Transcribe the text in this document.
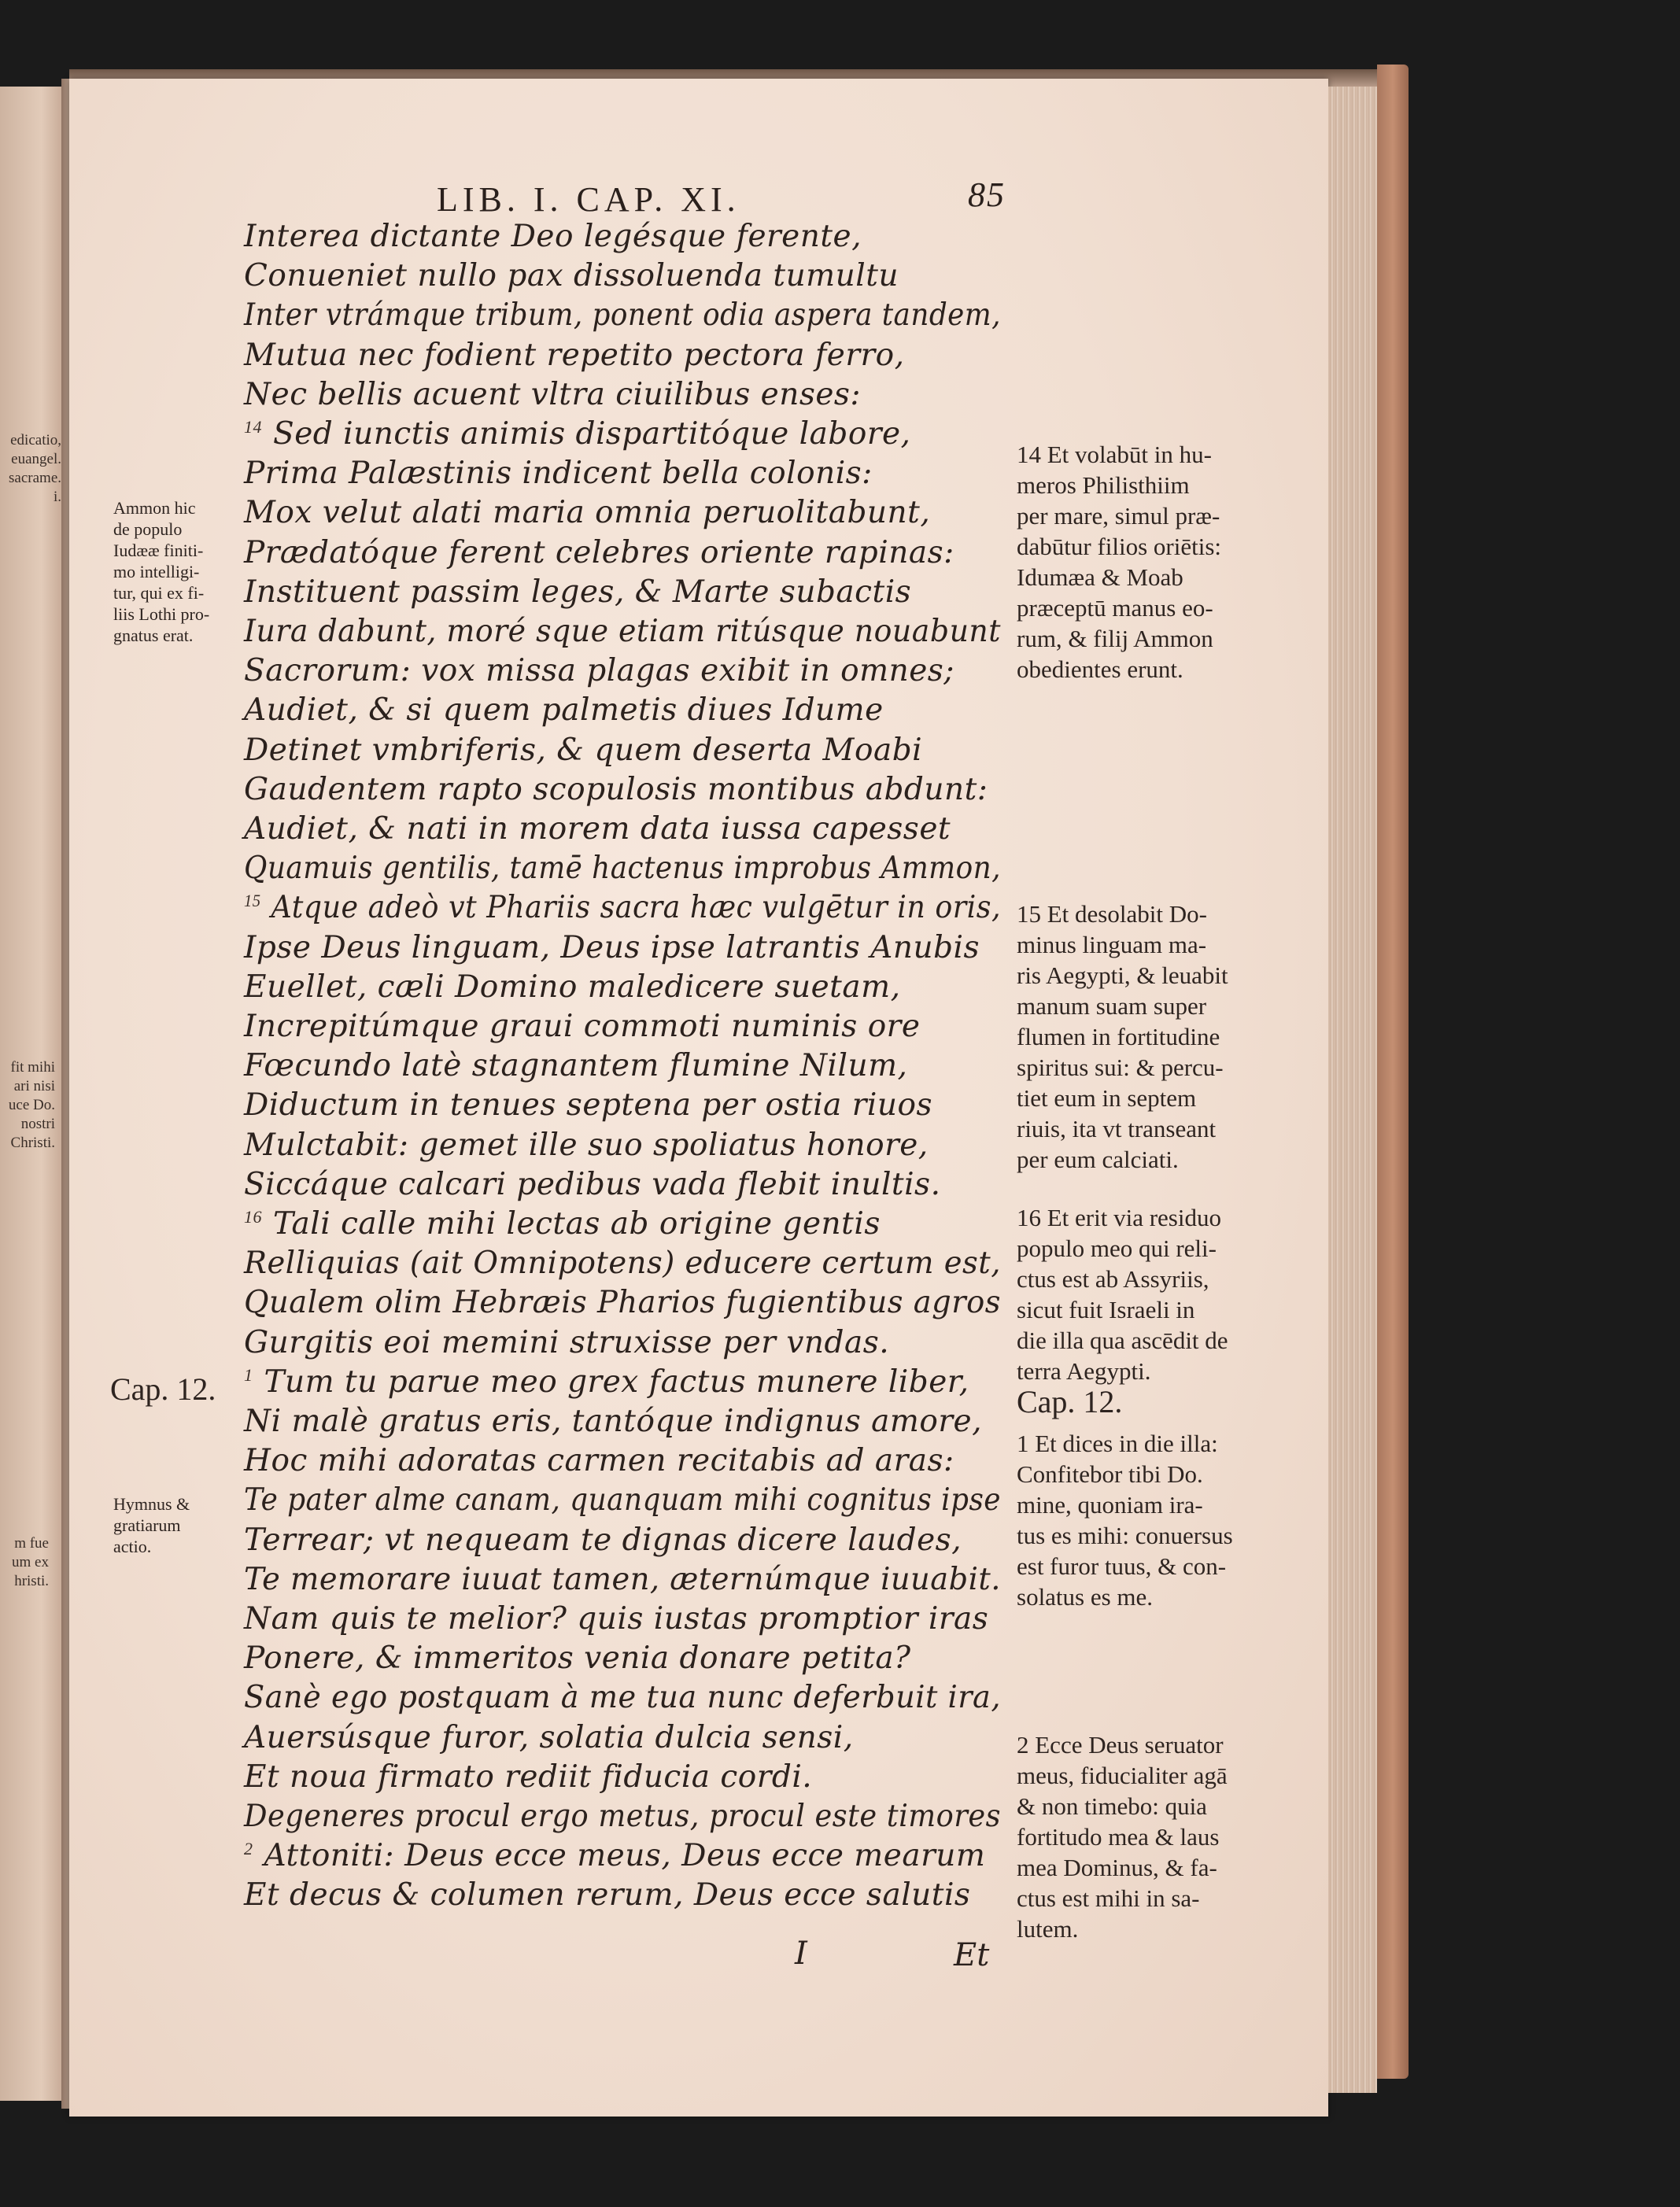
edicatio,
euangel.
sacrame.
i.
fit mihi
ari nisi
uce Do.
nostri
Christi.
m fue
um ex
hristi.
LIB. I. CAP. XI.	85
Interea dictante Deo legésque ferente,
Conueniet nullo pax dissoluenda tumultu
Inter vtrámque tribum, ponent odia aspera tandem,
Mutua nec fodient repetito pectora ferro,
Nec bellis acuent vltra ciuilibus enses:
$^{14}$ Sed iunctis animis dispartitóque labore,
Prima Palæstinis indicent bella colonis:
Mox velut alati maria omnia peruolitabunt,
Prædatóque ferent celebres oriente rapinas:
Instituent passim leges, & Marte subactis
Iura dabunt, moré sque etiam ritúsque nouabunt
Sacrorum: vox missa plagas exibit in omnes;
Audiet, & si quem palmetis diues Idume
Detinet vmbriferis, & quem deserta Moabi
Gaudentem rapto scopulosis montibus abdunt:
Audiet, & nati in morem data iussa capesset
Quamuis gentilis, tamē hactenus improbus Ammon,
$^{15}$ Atque adeò vt Phariis sacra hæc vulgētur in oris,
Ipse Deus linguam, Deus ipse latrantis Anubis
Euellet, cæli Domino maledicere suetam,
Increpitúmque graui commoti numinis ore
Fœcundo latè stagnantem flumine Nilum,
Diductum in tenues septena per ostia riuos
Mulctabit: gemet ille suo spoliatus honore,
Siccáque calcari pedibus vada flebit inultis.
$^{16}$ Tali calle mihi lectas ab origine gentis
Relliquias (ait Omnipotens) educere certum est,
Qualem olim Hebræis Pharios fugientibus agros
Gurgitis eoi memini struxisse per vndas.
$^1$ Tum tu parue meo grex factus munere liber,
Ni malè gratus eris, tantóque indignus amore,
Hoc mihi adoratas carmen recitabis ad aras:
Te pater alme canam, quanquam mihi cognitus ipse
Terrear; vt nequeam te dignas dicere laudes,
Te memorare iuuat tamen, æternúmque iuuabit.
Nam quis te melior? quis iustas promptior iras
Ponere, & immeritos venia donare petita?
Sanè ego postquam à me tua nunc deferbuit ira,
Auersúsque furor, solatia dulcia sensi,
Et noua firmato rediit fiducia cordi.
Degeneres procul ergo metus, procul este timores
$^2$ Attoniti: Deus ecce meus, Deus ecce mearum
Et decus & columen rerum, Deus ecce salutis
Ammon hic
de populo
Iudææ finiti-
mo intelligi-
tur, qui ex fi-
liis Lothi pro-
gnatus erat.
Cap. 12.
Hymnus &
gratiarum
actio.
14 Et volabūt in hu-
meros Philisthiim
per mare, simul præ-
dabūtur filios oriētis:
Idumæa & Moab
præceptū manus eo-
rum, & filij Ammon
obedientes erunt.
15 Et desolabit Do-
minus linguam ma-
ris Aegypti, & leuabit
manum suam super
flumen in fortitudine
spiritus sui: & percu-
tiet eum in septem
riuis, ita vt transeant
per eum calciati.
16 Et erit via residuo
populo meo qui reli-
ctus est ab Assyriis,
sicut fuit Israeli in
die illa qua ascēdit de
terra Aegypti.
Cap. 12.
1 Et dices in die illa:
Confitebor tibi Do.
mine, quoniam ira-
tus es mihi: conuersus
est furor tuus, & con-
solatus es me.
2 Ecce Deus seruator
meus, fiducialiter agā
& non timebo: quia
fortitudo mea & laus
mea Dominus, & fa-
ctus est mihi in sa-
lutem.
I	Et
